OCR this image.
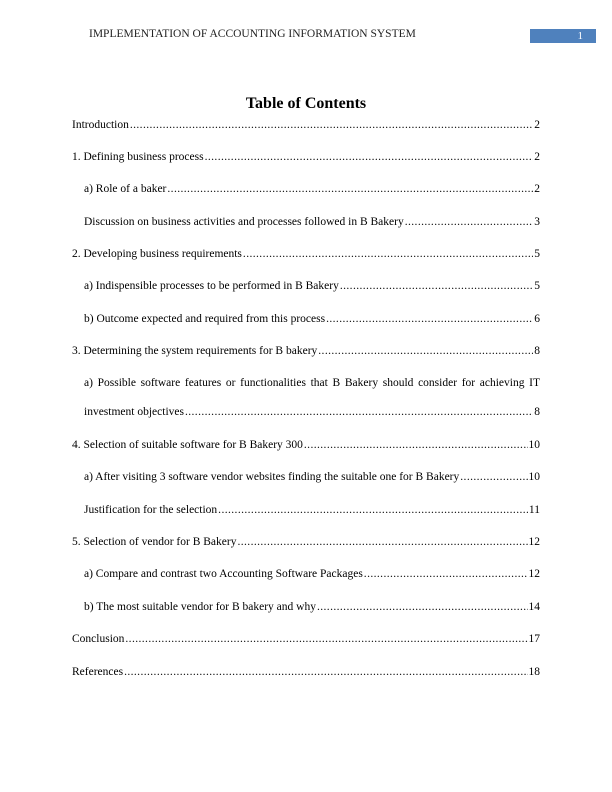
IMPLEMENTATION OF ACCOUNTING INFORMATION SYSTEM	1
Table of Contents
Introduction .....	2
1. Defining business process .....	2
a) Role of a baker .....	2
Discussion on business activities and processes followed in B Bakery .....	3
2. Developing business requirements .....	5
a) Indispensible processes to be performed in B Bakery .....	5
b) Outcome expected and required from this process .....	6
3. Determining the system requirements for B bakery .....	8
a) Possible software features or functionalities that B Bakery should consider for achieving IT
investment objectives .....	8
4. Selection of suitable software for B Bakery 300 .....	10
a) After visiting 3 software vendor websites finding the suitable one for B Bakery .....	10
Justification for the selection .....	11
5. Selection of vendor for B Bakery .....	12
a) Compare and contrast two Accounting Software Packages .....	12
b) The most suitable vendor for B bakery and why .....	14
Conclusion .....	17
References .....	18
